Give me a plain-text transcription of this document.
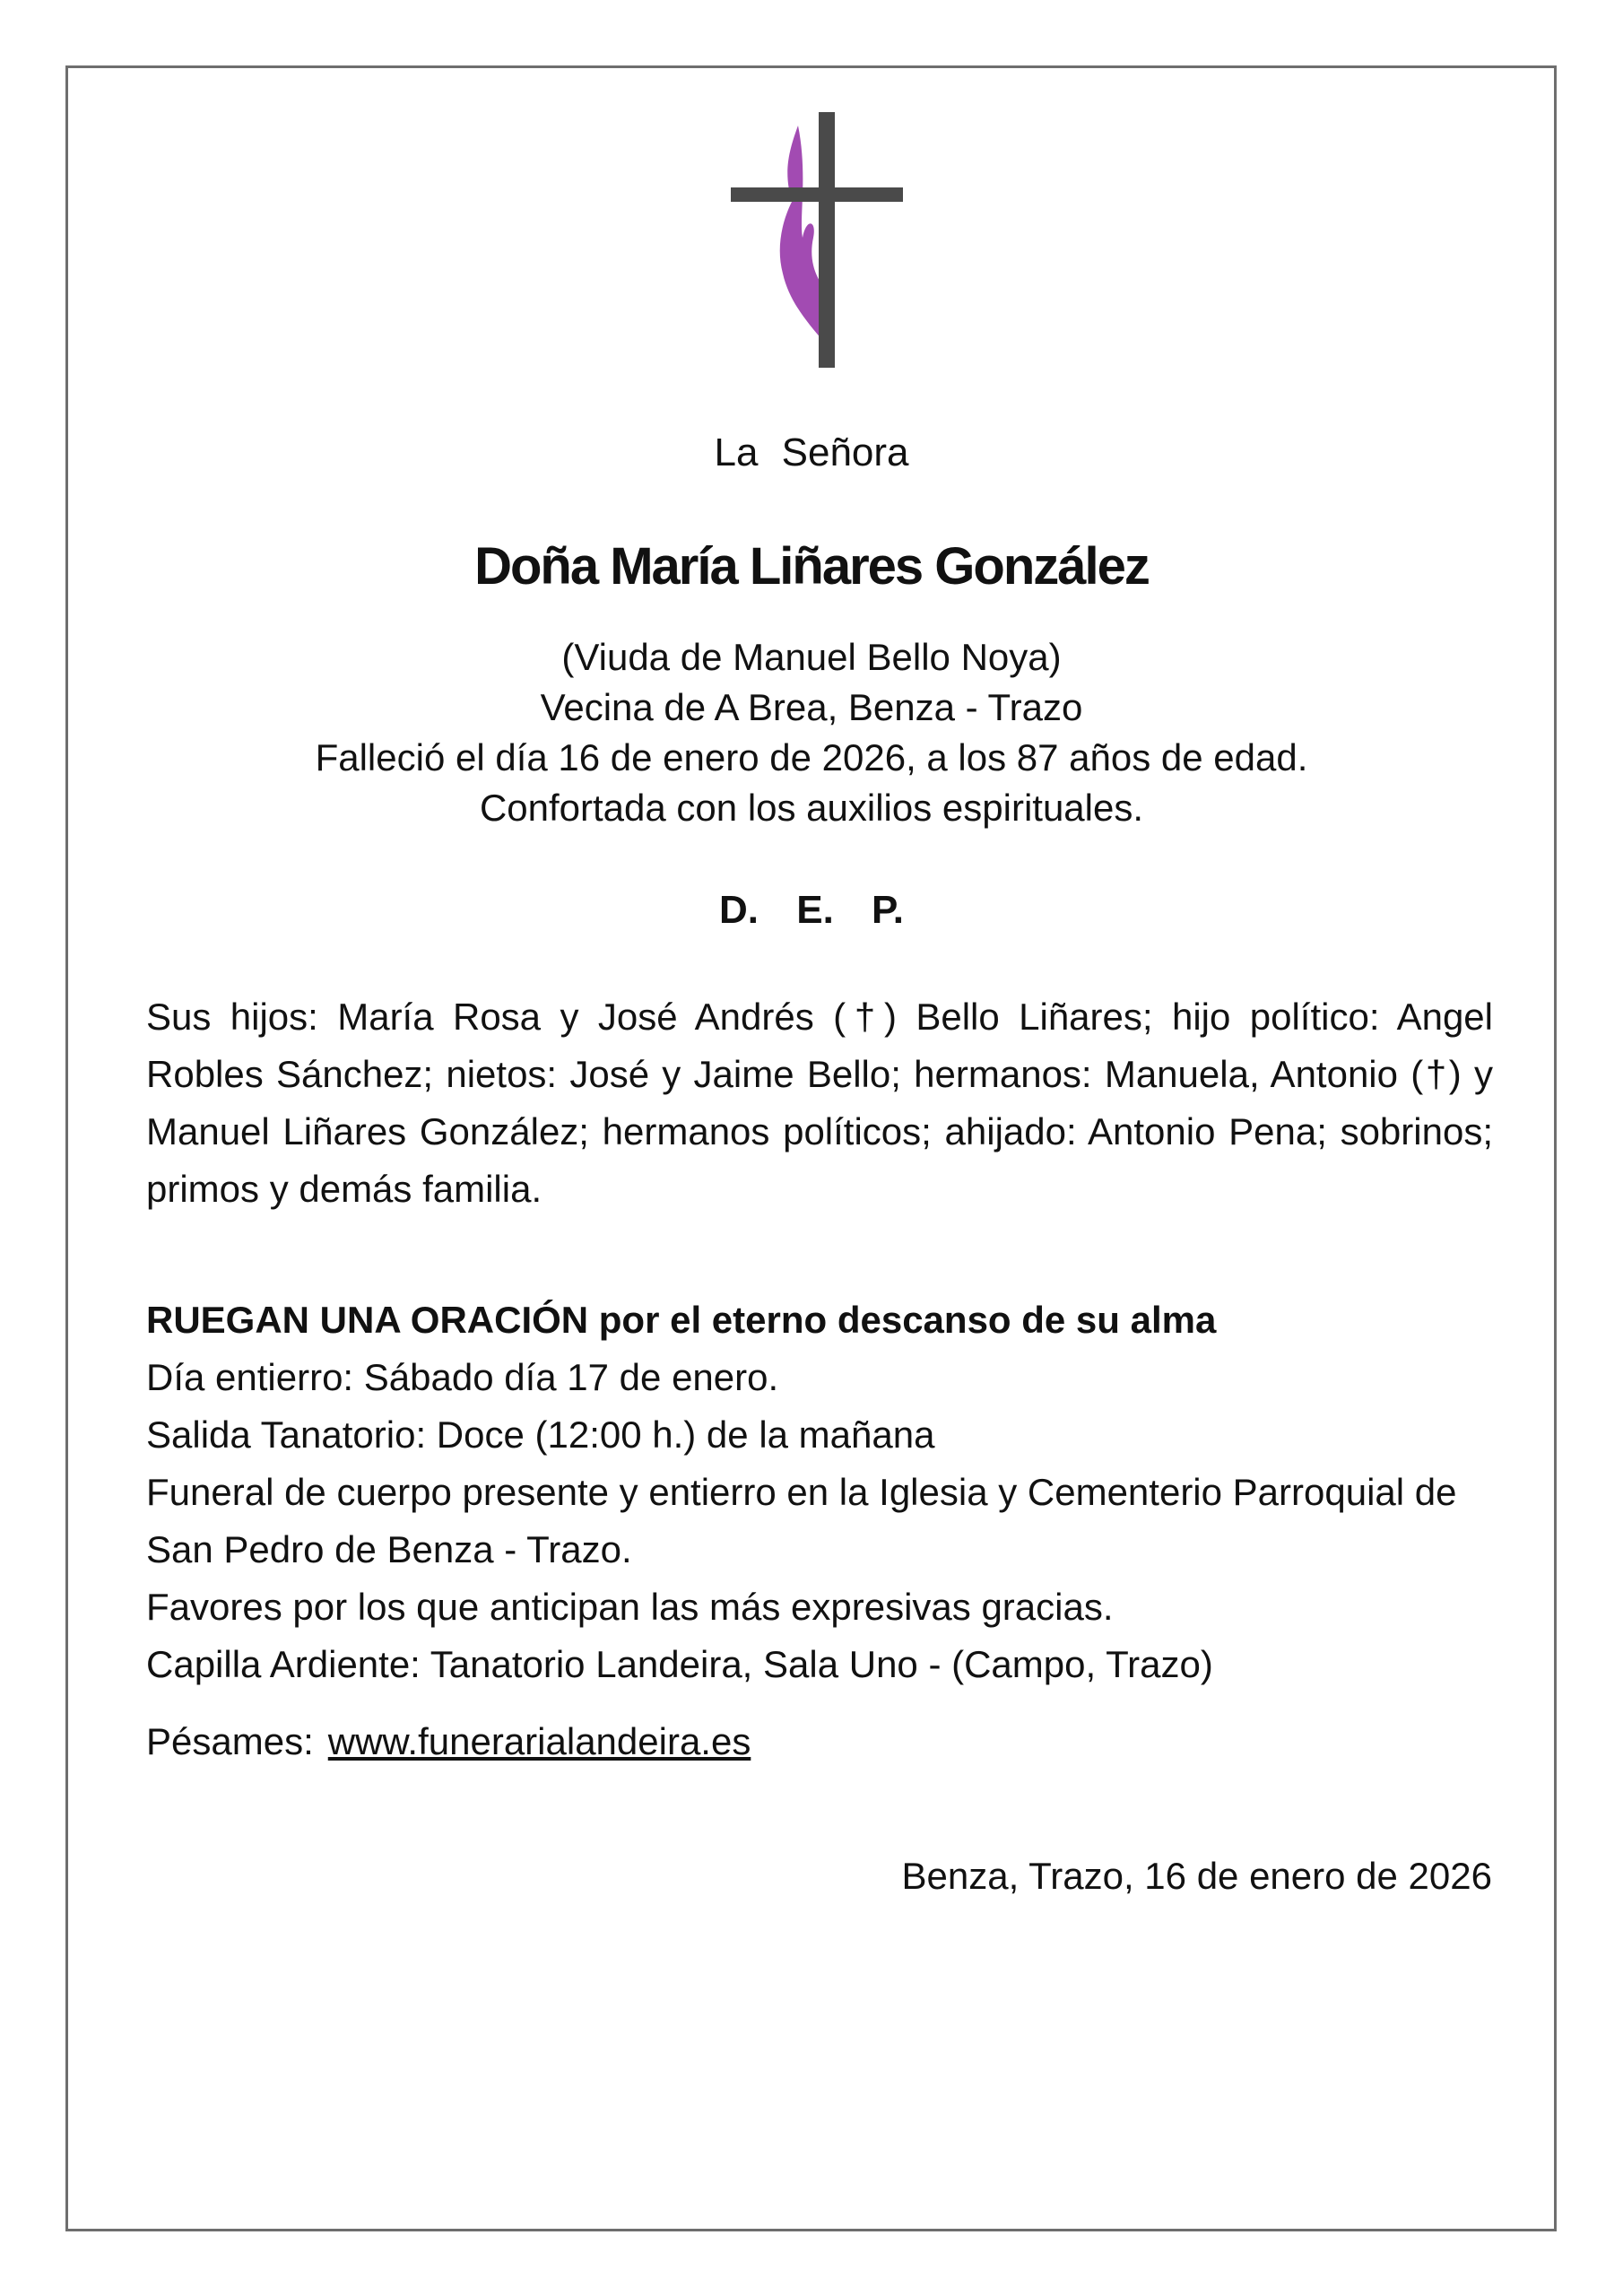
La Señora
Doña María Liñares González
(Viuda de Manuel Bello Noya)
Vecina de A Brea, Benza - Trazo
Falleció el día 16 de enero de 2026, a los 87 años de edad.
Confortada con los auxilios espirituales.
D. E. P.

Sus hijos: María Rosa y José Andrés (†) Bello Liñares; hijo político: Angel Robles Sánchez; nietos: José y Jaime Bello; hermanos: Manuela, Antonio (†) y Manuel Liñares González; hermanos políticos; ahijado: Antonio Pena; sobrinos; primos y demás familia.

RUEGAN UNA ORACIÓN por el eterno descanso de su alma

Día entierro: Sábado día 17 de enero.

Salida Tanatorio: Doce (12:00 h.) de la mañana

Funeral de cuerpo presente y entierro en la Iglesia y Cementerio Parroquial de San Pedro de Benza - Trazo.

Favores por los que anticipan las más expresivas gracias.

Capilla Ardiente: Tanatorio Landeira, Sala Uno - (Campo, Trazo)

Pésames: www.funerarialandeira.es
Benza, Trazo, 16 de enero de 2026
